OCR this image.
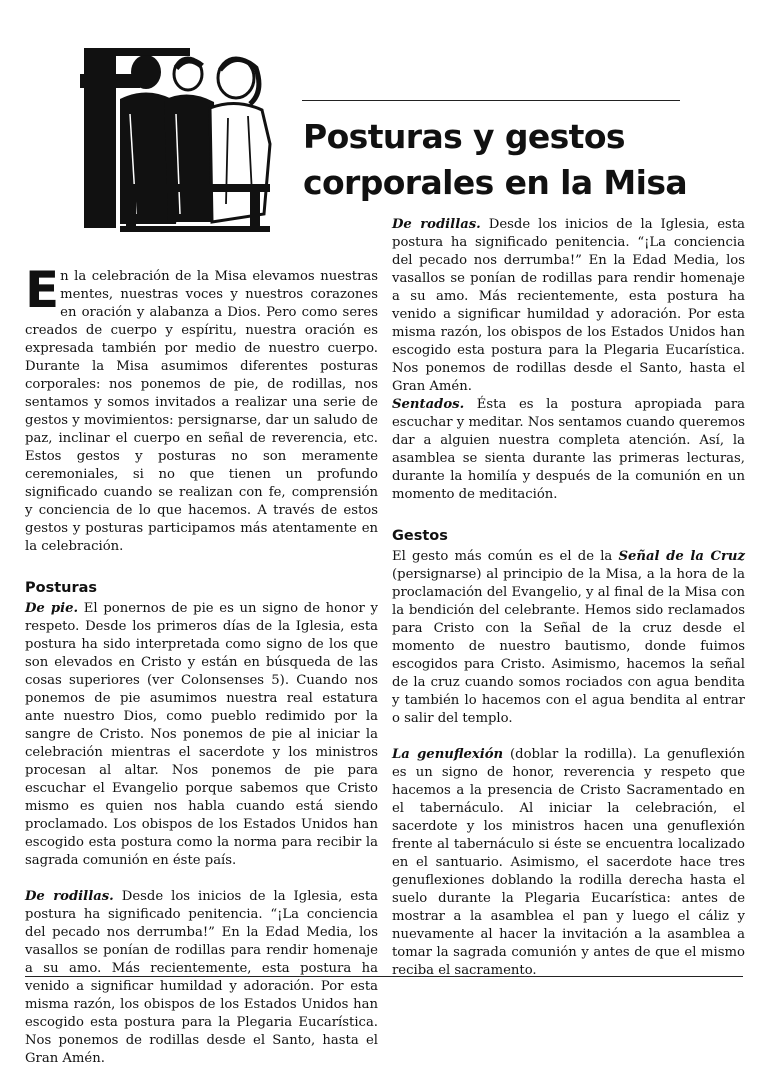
Posturas y gestos
corporales en la Misa

En la celebración de la Misa elevamos nuestras mentes, nuestras voces y nuestros corazones en oración y alabanza a Dios. Pero como seres creados de cuerpo y espíritu, nuestra oración es expresada también por medio de nuestro cuerpo. Durante la Misa asumimos diferentes posturas corporales: nos ponemos de pie, de rodillas, nos sentamos y somos invitados a realizar una serie de gestos y movimientos: persignarse, dar un saludo de paz, inclinar el cuerpo en señal de reverencia, etc. Estos gestos y posturas no son meramente ceremoniales, si no que tienen un profundo significado cuando se realizan con fe, comprensión y conciencia de lo que hacemos. A través de estos gestos y posturas participamos más atentamente en la celebración.

Posturas

De pie. El ponernos de pie es un signo de honor y respeto. Desde los primeros días de la Iglesia, esta postura ha sido interpretada como signo de los que son elevados en Cristo y están en búsqueda de las cosas superiores (ver Colonsenses 5). Cuando nos ponemos de pie asumimos nuestra real estatura ante nuestro Dios, como pueblo redimido por la sangre de Cristo. Nos ponemos de pie al iniciar la celebración mientras el sacerdote y los ministros procesan al altar. Nos ponemos de pie para escuchar el Evangelio porque sabemos que Cristo mismo es quien nos habla cuando está siendo proclamado. Los obispos de los Estados Unidos han escogido esta postura como la norma para recibir la sagrada comunión en éste país.

De rodillas. Desde los inicios de la Iglesia, esta postura ha significado penitencia. “¡La conciencia del pecado nos derrumba!” En la Edad Media, los vasallos se ponían de rodillas para rendir homenaje a su amo. Más recientemente, esta postura ha venido a significar humildad y adoración. Por esta misma razón, los obispos de los Estados Unidos han escogido esta postura para la Plegaria Eucarística. Nos ponemos de rodillas desde el Santo, hasta el Gran Amén.

De rodillas. Desde los inicios de la Iglesia, esta postura ha significado penitencia. “¡La conciencia del pecado nos derrumba!” En la Edad Media, los vasallos se ponían de rodillas para rendir homenaje a su amo. Más recientemente, esta postura ha venido a significar humildad y adoración. Por esta misma razón, los obispos de los Estados Unidos han escogido esta postura para la Plegaria Eucarística. Nos ponemos de rodillas desde el Santo, hasta el Gran Amén.

Sentados. Ésta es la postura apropiada para escuchar y meditar. Nos sentamos cuando queremos dar a alguien nuestra completa atención. Así, la asamblea se sienta durante las primeras lecturas, durante la homilía y después de la comunión en un momento de meditación.

Gestos

El gesto más común es el de la Señal de la Cruz (persignarse) al principio de la Misa, a la hora de la proclamación del Evangelio, y al final de la Misa con la bendición del celebrante. Hemos sido reclamados para Cristo con la Señal de la cruz desde el momento de nuestro bautismo, donde fuimos escogidos para Cristo. Asimismo, hacemos la señal de la cruz cuando somos rociados con agua bendita y también lo hacemos con el agua bendita al entrar o salir del templo.

La genuflexión (doblar la rodilla). La genuflexión es un signo de honor, reverencia y respeto que hacemos a la presencia de Cristo Sacramentado en el tabernáculo. Al iniciar la celebración, el sacerdote y los ministros hacen una genuflexión frente al tabernáculo si éste se encuentra localizado en el santuario. Asimismo, el sacerdote hace tres genuflexiones doblando la rodilla derecha hasta el suelo durante la Plegaria Eucarística: antes de mostrar a la asamblea el pan y luego el cáliz y nuevamente al hacer la invitación a la asamblea a tomar la sagrada comunión y antes de que el mismo reciba el sacramento.
